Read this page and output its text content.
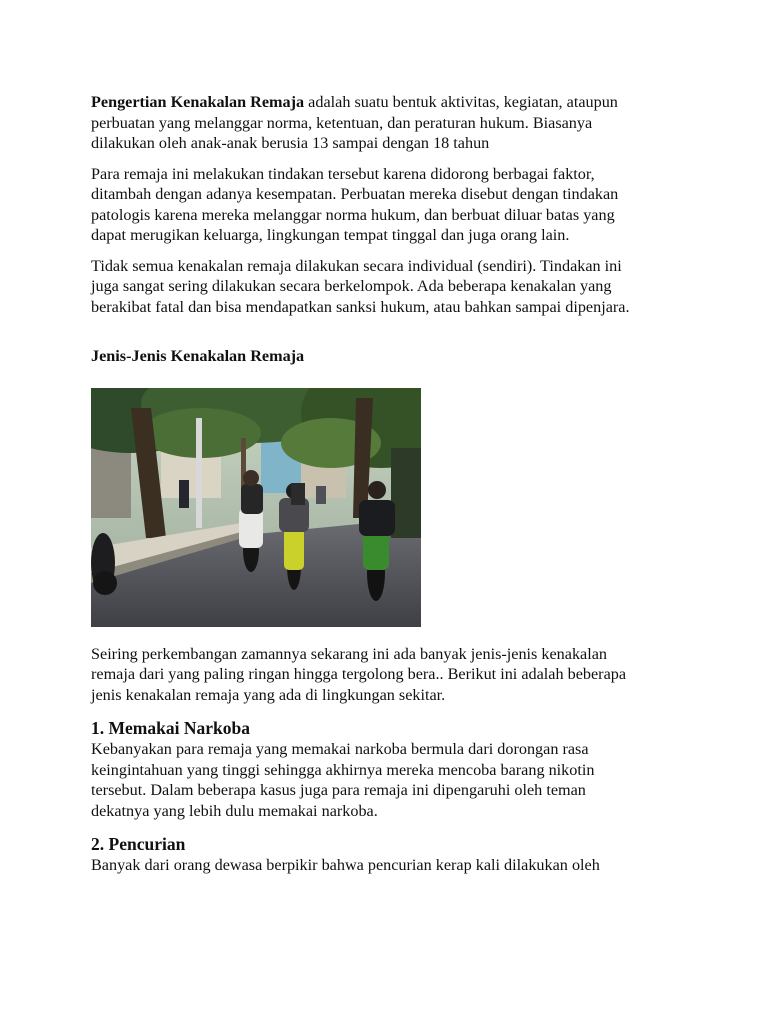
Pengertian Kenakalan Remaja adalah suatu bentuk aktivitas, kegiatan, ataupun
perbuatan yang melanggar norma, ketentuan, dan peraturan hukum. Biasanya
dilakukan oleh anak-anak berusia 13 sampai dengan 18 tahun

Para remaja ini melakukan tindakan tersebut karena didorong berbagai faktor,
ditambah dengan adanya kesempatan. Perbuatan mereka disebut dengan tindakan
patologis karena mereka melanggar norma hukum, dan berbuat diluar batas yang
dapat merugikan keluarga, lingkungan tempat tinggal dan juga orang lain.

Tidak semua kenakalan remaja dilakukan secara individual (sendiri). Tindakan ini
juga sangat sering dilakukan secara berkelompok. Ada beberapa kenakalan yang
berakibat fatal dan bisa mendapatkan sanksi hukum, atau bahkan sampai dipenjara.

Jenis-Jenis Kenakalan Remaja

Seiring perkembangan zamannya sekarang ini ada banyak jenis-jenis kenakalan
remaja dari yang paling ringan hingga tergolong bera.. Berikut ini adalah beberapa
jenis kenakalan remaja yang ada di lingkungan sekitar.

1. Memakai Narkoba

Kebanyakan para remaja yang memakai narkoba bermula dari dorongan rasa
keingintahuan yang tinggi sehingga akhirnya mereka mencoba barang nikotin
tersebut. Dalam beberapa kasus juga para remaja ini dipengaruhi oleh teman
dekatnya yang lebih dulu memakai narkoba.

2. Pencurian

Banyak dari orang dewasa berpikir bahwa pencurian kerap kali dilakukan oleh
